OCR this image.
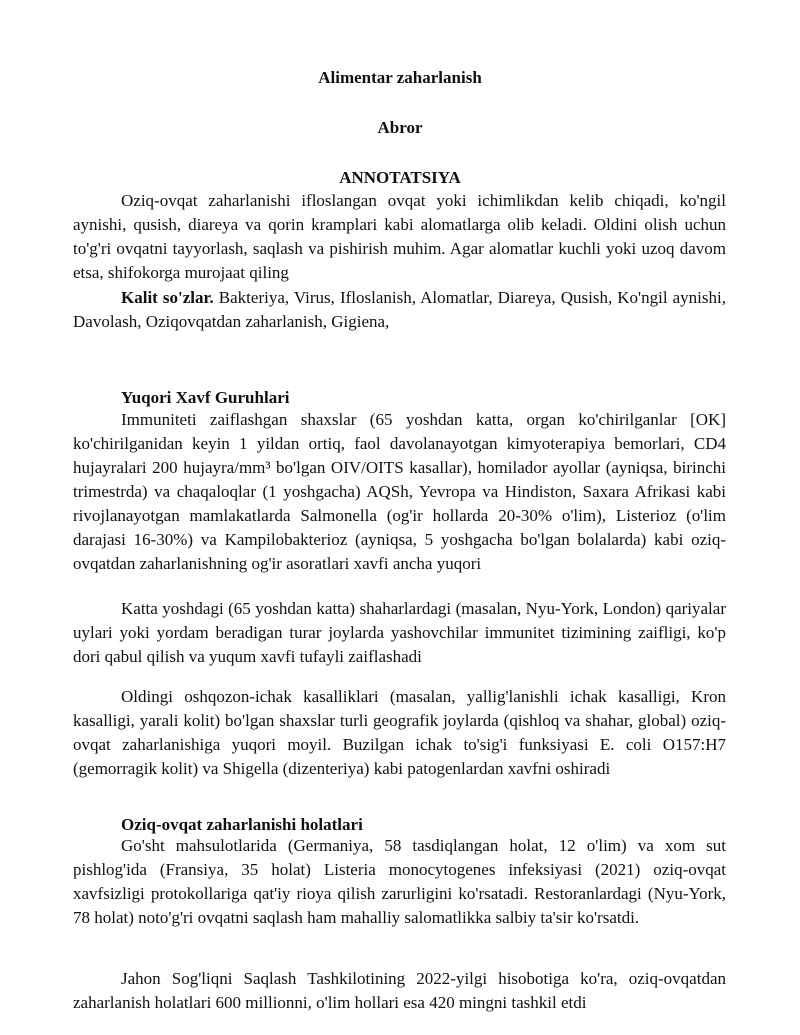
Alimentar zaharlanish
Abror
ANNOTATSIYA
Oziq-ovqat zaharlanishi ifloslangan ovqat yoki ichimlikdan kelib chiqadi, ko'ngil aynishi, qusish, diareya va qorin kramplari kabi alomatlarga olib keladi. Oldini olish uchun to'g'ri ovqatni tayyorlash, saqlash va pishirish muhim. Agar alomatlar kuchli yoki uzoq davom etsa, shifokorga murojaat qiling
Kalit so'zlar. Bakteriya, Virus, Ifloslanish, Alomatlar, Diareya, Qusish, Ko'ngil aynishi, Davolash, Oziqovqatdan zaharlanish, Gigiena,
Yuqori Xavf Guruhlari
Immuniteti zaiflashgan shaxslar (65 yoshdan katta, organ ko'chirilganlar [OK] ko'chirilganidan keyin 1 yildan ortiq, faol davolanayotgan kimyoterapiya bemorlari, CD4 hujayralari 200 hujayra/mm³ bo'lgan OIV/OITS kasallar), homilador ayollar (ayniqsa, birinchi trimestrda) va chaqaloqlar (1 yoshgacha) AQSh, Yevropa va Hindiston, Saxara Afrikasi kabi rivojlanayotgan mamlakatlarda Salmonella (og'ir hollarda 20-30% o'lim), Listerioz (o'lim darajasi 16-30%) va Kampilobakterioz (ayniqsa, 5 yoshgacha bo'lgan bolalarda) kabi oziq-ovqatdan zaharlanishning og'ir asoratlari xavfi ancha yuqori
Katta yoshdagi (65 yoshdan katta) shaharlardagi (masalan, Nyu-York, London) qariyalar uylari yoki yordam beradigan turar joylarda yashovchilar immunitet tizimining zaifligi, ko'p dori qabul qilish va yuqum xavfi tufayli zaiflashadi
Oldingi oshqozon-ichak kasalliklari (masalan, yallig'lanishli ichak kasalligi, Kron kasalligi, yarali kolit) bo'lgan shaxslar turli geografik joylarda (qishloq va shahar, global) oziq-ovqat zaharlanishiga yuqori moyil. Buzilgan ichak to'sig'i funksiyasi E. coli O157:H7 (gemorragik kolit) va Shigella (dizenteriya) kabi patogenlardan xavfni oshiradi
Oziq-ovqat zaharlanishi holatlari
Go'sht mahsulotlarida (Germaniya, 58 tasdiqlangan holat, 12 o'lim) va xom sut pishlog'ida (Fransiya, 35 holat) Listeria monocytogenes infeksiyasi (2021) oziq-ovqat xavfsizligi protokollariga qat'iy rioya qilish zarurligini ko'rsatadi. Restoranlardagi (Nyu-York, 78 holat) noto'g'ri ovqatni saqlash ham mahalliy salomatlikka salbiy ta'sir ko'rsatdi.
Jahon Sog'liqni Saqlash Tashkilotining 2022-yilgi hisobotiga ko'ra, oziq-ovqatdan zaharlanish holatlari 600 millionni, o'lim hollari esa 420 mingni tashkil etdi
